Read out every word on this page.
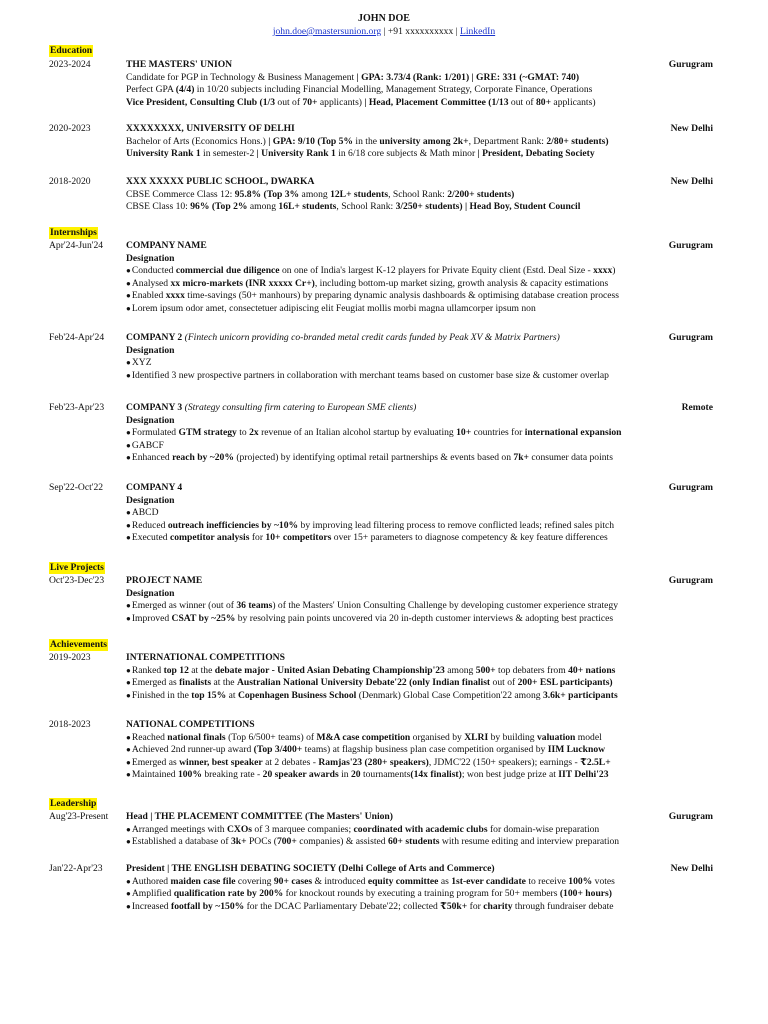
JOHN DOE
john.doe@mastersunion.org | +91 xxxxxxxxxx | LinkedIn
Education
Internships
Live Projects
Achievements
Leadership
2023-2024	THE MASTERS' UNION	Gurugram
Candidate for PGP in Technology & Business Management | GPA: 3.73/4 (Rank: 1/201) | GRE: 331 (~GMAT: 740)
Perfect GPA (4/4) in 10/20 subjects including Financial Modelling, Management Strategy, Corporate Finance, Operations
Vice President, Consulting Club (1/3 out of 70+ applicants) | Head, Placement Committee (1/13 out of 80+ applicants)
2020-2023	XXXXXXXX, UNIVERSITY OF DELHI	New Delhi
Bachelor of Arts (Economics Hons.) | GPA: 9/10 (Top 5% in the university among 2k+, Department Rank: 2/80+ students)
University Rank 1 in semester-2 | University Rank 1 in 6/18 core subjects & Math minor | President, Debating Society
2018-2020	XXX XXXXX PUBLIC SCHOOL, DWARKA	New Delhi
CBSE Commerce Class 12: 95.8% (Top 3% among 12L+ students, School Rank: 2/200+ students)
CBSE Class 10: 96% (Top 2% among 16L+ students, School Rank: 3/250+ students) | Head Boy, Student Council
Apr'24-Jun'24	COMPANY NAME	Gurugram
Designation
● Conducted commercial due diligence on one of India's largest K-12 players for Private Equity client (Estd. Deal Size - xxxx)
● Analysed xx micro-markets (INR xxxxx Cr+), including bottom-up market sizing, growth analysis & capacity estimations
● Enabled xxxx time-savings (50+ manhours) by preparing dynamic analysis dashboards & optimising database creation process
● Lorem ipsum odor amet, consectetuer adipiscing elit Feugiat mollis morbi magna ullamcorper ipsum non
Feb'24-Apr'24	COMPANY 2 (Fintech unicorn providing co-branded metal credit cards funded by Peak XV & Matrix Partners)	Gurugram
Designation
● XYZ
● Identified 3 new prospective partners in collaboration with merchant teams based on customer base size & customer overlap
Feb'23-Apr'23	COMPANY 3 (Strategy consulting firm catering to European SME clients)	Remote
Designation
● Formulated GTM strategy to 2x revenue of an Italian alcohol startup by evaluating 10+ countries for international expansion
● GABCF
● Enhanced reach by ~20% (projected) by identifying optimal retail partnerships & events based on 7k+ consumer data points
Sep'22-Oct'22	COMPANY 4	Gurugram
Designation
● ABCD
● Reduced outreach inefficiencies by ~10% by improving lead filtering process to remove conflicted leads; refined sales pitch
● Executed competitor analysis for 10+ competitors over 15+ parameters to diagnose competency & key feature differences
Oct'23-Dec'23	PROJECT NAME	Gurugram
Designation
● Emerged as winner (out of 36 teams) of the Masters' Union Consulting Challenge by developing customer experience strategy
● Improved CSAT by ~25% by resolving pain points uncovered via 20 in-depth customer interviews & adopting best practices
2019-2023	INTERNATIONAL COMPETITIONS
● Ranked top 12 at the debate major - United Asian Debating Championship'23 among 500+ top debaters from 40+ nations
● Emerged as finalists at the Australian National University Debate'22 (only Indian finalist out of 200+ ESL participants)
● Finished in the top 15% at Copenhagen Business School (Denmark) Global Case Competition'22 among 3.6k+ participants
2018-2023	NATIONAL COMPETITIONS
● Reached national finals (Top 6/500+ teams) of M&A case competition organised by XLRI by building valuation model
● Achieved 2nd runner-up award (Top 3/400+ teams) at flagship business plan case competition organised by IIM Lucknow
● Emerged as winner, best speaker at 2 debates - Ramjas'23 (280+ speakers), JDMC'22 (150+ speakers); earnings - ₹2.5L+
● Maintained 100% breaking rate - 20 speaker awards in 20 tournaments(14x finalist); won best judge prize at IIT Delhi'23
Aug'23-Present	Head | THE PLACEMENT COMMITTEE (The Masters' Union)	Gurugram
● Arranged meetings with CXOs of 3 marquee companies; coordinated with academic clubs for domain-wise preparation
● Established a database of 3k+ POCs (700+ companies) & assisted 60+ students with resume editing and interview preparation
Jan'22-Apr'23	President | THE ENGLISH DEBATING SOCIETY (Delhi College of Arts and Commerce)	New Delhi
● Authored maiden case file covering 90+ cases & introduced equity committee as 1st-ever candidate to receive 100% votes
● Amplified qualification rate by 200% for knockout rounds by executing a training program for 50+ members (100+ hours)
● Increased footfall by ~150% for the DCAC Parliamentary Debate'22; collected ₹50k+ for charity through fundraiser debate
